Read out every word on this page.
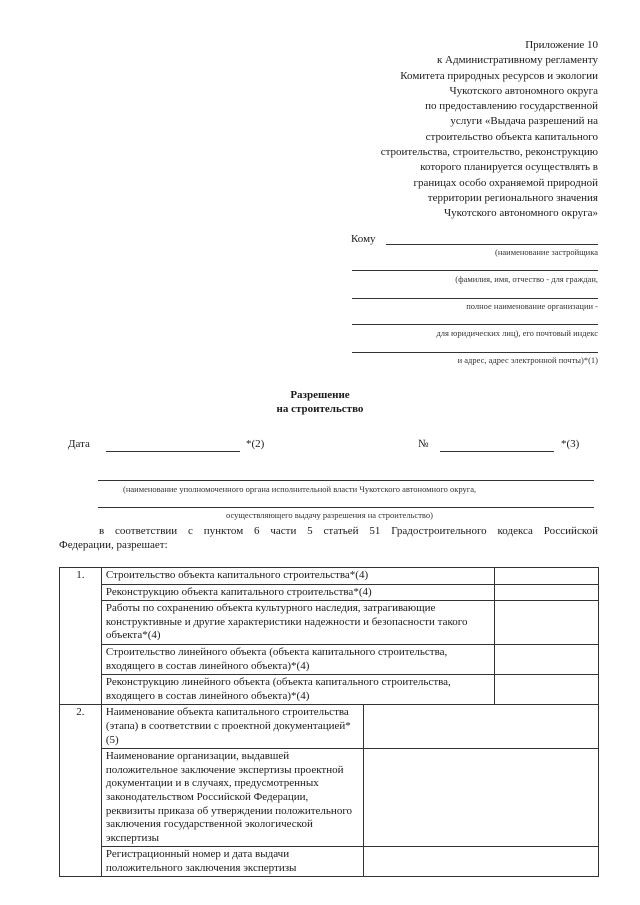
Приложение 10
к Административному регламенту
Комитета природных ресурсов и экологии
Чукотского автономного округа
по предоставлению государственной
услуги «Выдача разрешений на
строительство объекта капитального
строительства, строительство, реконструкцию
которого планируется осуществлять в
границах особо охраняемой природной
территории регионального значения
Чукотского автономного округа»
Кому
(наименование застройщика
(фамилия, имя, отчество - для граждан,
полное наименование организации -
для юридических лиц), его почтовый индекс
и адрес, адрес электронной почты)*(1)
Разрешение
на строительство
Дата	*(2)	№	*(3)
(наименование уполномоченного органа исполнительной власти Чукотского автономного округа,
осуществляющего выдачу разрешения на строительство)
в соответствии с пунктом 6 части 5 статьей 51 Градостроительного кодекса Российской
Федерации, разрешает:
1.	Строительство объекта капитального строительства*(4)		
	Реконструкцию объекта капитального строительства*(4)		
	Работы по сохранению объекта культурного наследия, затрагивающие конструктивные и другие характеристики надежности и безопасности такого объекта*(4)		
	Строительство линейного объекта (объекта капитального строительства, входящего в состав линейного объекта)*(4)		
	Реконструкцию линейного объекта (объекта капитального строительства, входящего в состав линейного объекта)*(4)		
2.	Наименование объекта капитального строительства (этапа) в соответствии с проектной документацией*(5)		
	Наименование организации, выдавшей положительное заключение экспертизы проектной документации и в случаях, предусмотренных законодательством Российской Федерации, реквизиты приказа об утверждении положительного заключения государственной экологической экспертизы		
	Регистрационный номер и дата выдачи положительного заключения экспертизы		
